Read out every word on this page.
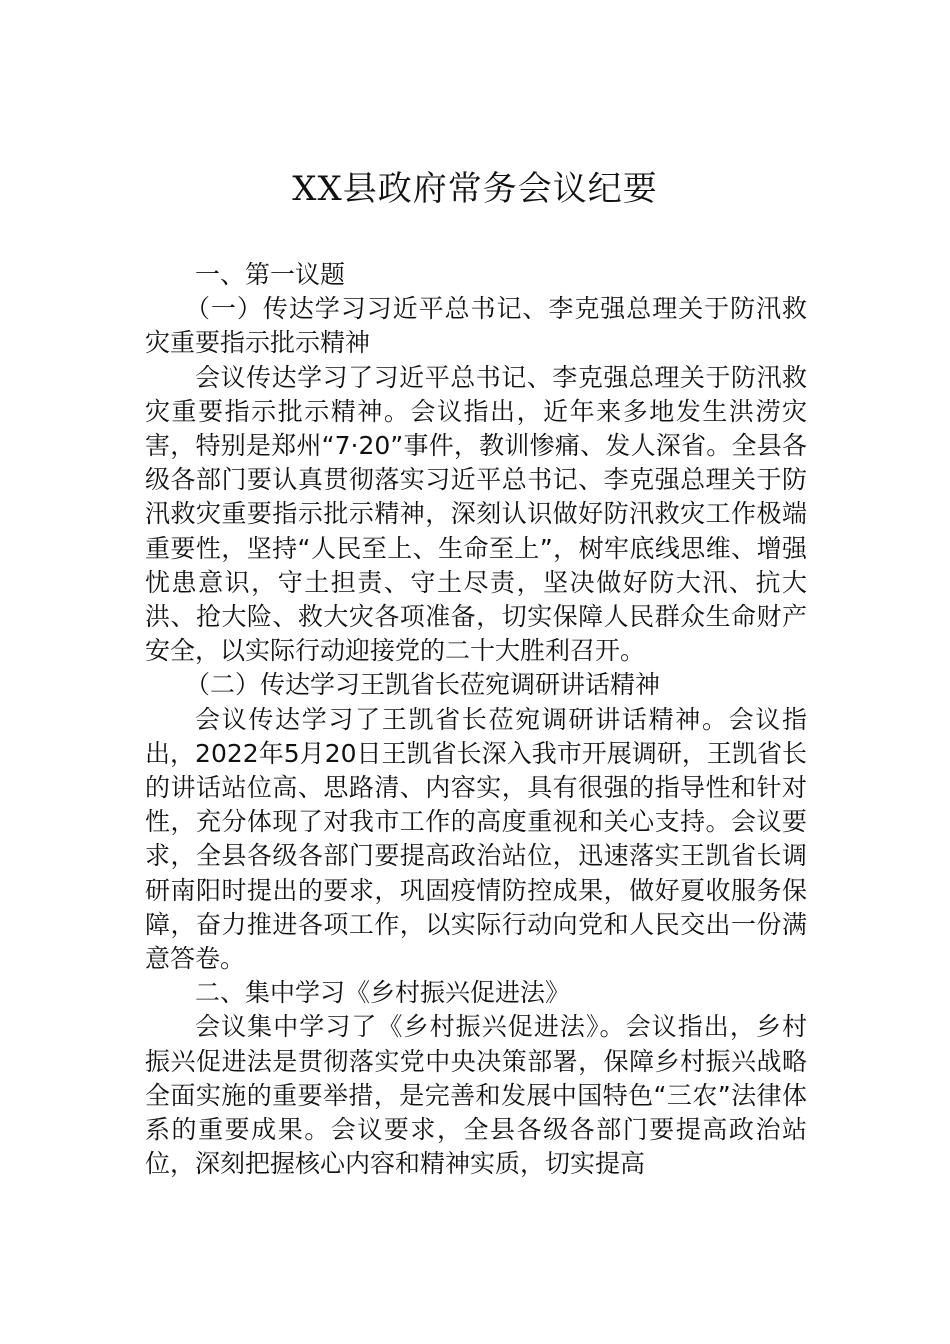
XX县政府常务会议纪要

一、第一议题

（一）传达学习习近平总书记、李克强总理关于防汛救灾重要指示批示精神

会议传达学习了习近平总书记、李克强总理关于防汛救灾重要指示批示精神。会议指出，近年来多地发生洪涝灾害，特别是郑州“7·20”事件，教训惨痛、发人深省。全县各级各部门要认真贯彻落实习近平总书记、李克强总理关于防汛救灾重要指示批示精神，深刻认识做好防汛救灾工作极端重要性，坚持“人民至上、生命至上”，树牢底线思维、增强忧患意识，守土担责、守土尽责，坚决做好防大汛、抗大洪、抢大险、救大灾各项准备，切实保障人民群众生命财产安全，以实际行动迎接党的二十大胜利召开。

（二）传达学习王凯省长莅宛调研讲话精神

会议传达学习了王凯省长莅宛调研讲话精神。会议指出，2022年5月20日王凯省长深入我市开展调研，王凯省长的讲话站位高、思路清、内容实，具有很强的指导性和针对性，充分体现了对我市工作的高度重视和关心支持。会议要求，全县各级各部门要提高政治站位，迅速落实王凯省长调研南阳时提出的要求，巩固疫情防控成果，做好夏收服务保障，奋力推进各项工作，以实际行动向党和人民交出一份满意答卷。

二、集中学习《乡村振兴促进法》

会议集中学习了《乡村振兴促进法》。会议指出，乡村振兴促进法是贯彻落实党中央决策部署，保障乡村振兴战略全面实施的重要举措，是完善和发展中国特色“三农”法律体系的重要成果。会议要求，全县各级各部门要提高政治站位，深刻把握核心内容和精神实质，切实提高
